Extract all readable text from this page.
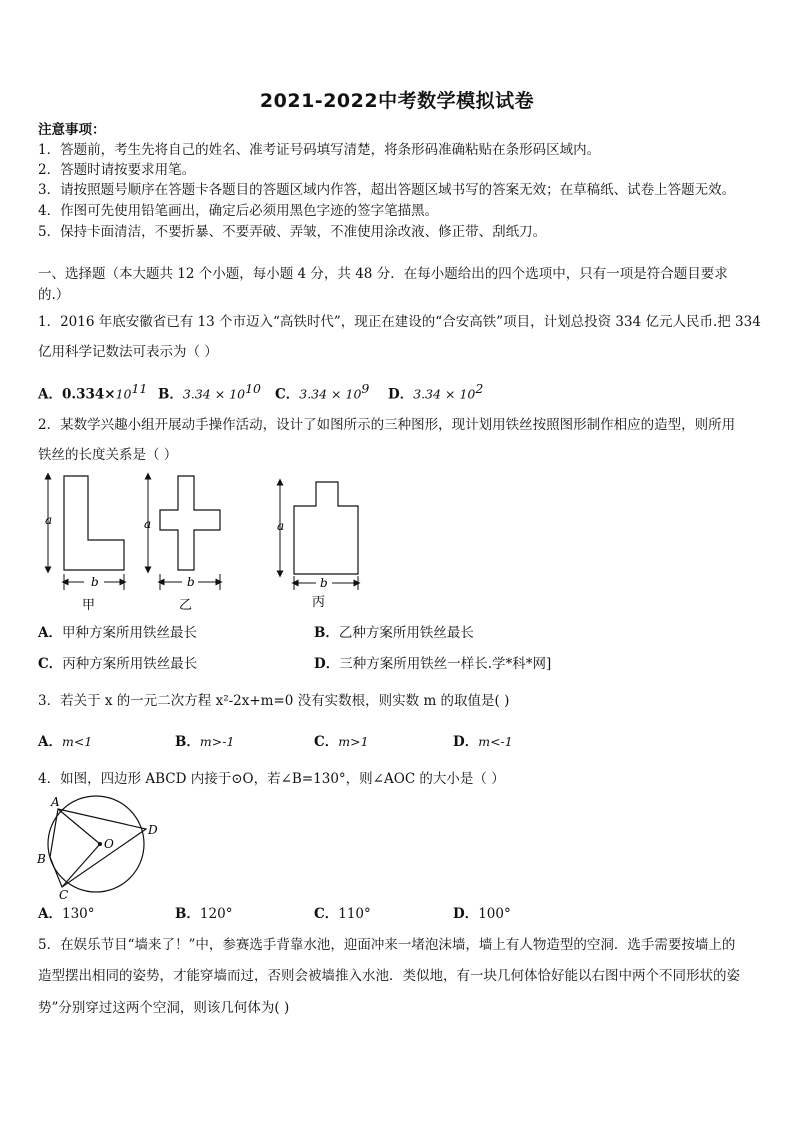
2021-2022中考数学模拟试卷
注意事项：
1．答题前，考生先将自己的姓名、准考证号码填写清楚，将条形码准确粘贴在条形码区域内。
2．答题时请按要求用笔。
3．请按照题号顺序在答题卡各题目的答题区域内作答，超出答题区域书写的答案无效；在草稿纸、试卷上答题无效。
4．作图可先使用铅笔画出，确定后必须用黑色字迹的签字笔描黑。
5．保持卡面清洁，不要折暴、不要弄破、弄皱，不准使用涂改液、修正带、刮纸刀。
一、选择题（本大题共 12 个小题，每小题 4 分，共 48 分．在每小题给出的四个选项中，只有一项是符合题目要求
的.）
1．2016 年底安徽省已有 13 个市迈入“高铁时代”，现正在建设的“合安高铁”项目，计划总投资 334 亿元人民币.把 334
亿用科学记数法可表示为（ ）
A．$0.334\times 10^{11}$ B．$3.34 \times 10^{10}$ C．$3.34 \times 10^9$ D．$3.34 \times 10^2$
2．某数学兴趣小组开展动手操作活动，设计了如图所示的三种图形，现计划用铁丝按照图形制作相应的造型，则所用
铁丝的长度关系是（ ）
a
b
甲
a
b
乙
a
b
丙
A．甲种方案所用铁丝最长	B．乙种方案所用铁丝最长
C．丙种方案所用铁丝最长	D．三种方案所用铁丝一样长.学*科*网]
3．若关于 x 的一元二次方程 x²-2x+m=0 没有实数根，则实数 m 的取值是( )
A．m<1	B．m>-1	C．m>1	D．m<-1
4．如图，四边形 ABCD 内接于⊙O，若∠B=130°，则∠AOC 的大小是（ ）
A
B
C
D
O
A．130°	B．120°	C．110°	D．100°
5．在娱乐节目“墙来了！”中，参赛选手背靠水池，迎面冲来一堵泡沫墙，墙上有人物造型的空洞．选手需要按墙上的
造型摆出相同的姿势，才能穿墙而过，否则会被墙推入水池．类似地，有一块几何体恰好能以右图中两个不同形状的姿
势”分别穿过这两个空洞，则该几何体为( )
